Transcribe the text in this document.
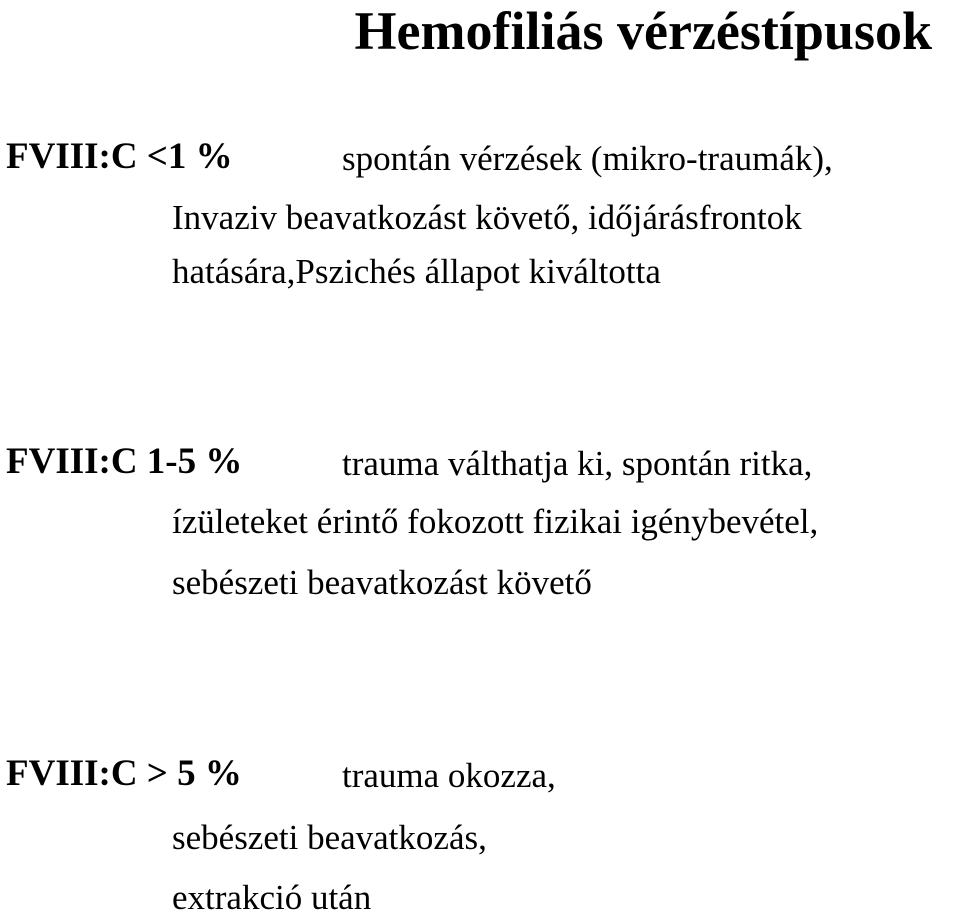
Hemofiliás vérzéstípusok
FVIII:C <1 %	spontán vérzések (mikro-traumák),
Invaziv beavatkozást követő, időjárásfrontok
hatására,Pszichés állapot kiváltotta
FVIII:C 1-5 %	trauma válthatja ki, spontán ritka,
ízületeket érintő fokozott fizikai igénybevétel,
sebészeti beavatkozást követő
FVIII:C > 5 %	trauma okozza,
sebészeti beavatkozás,
extrakció után
